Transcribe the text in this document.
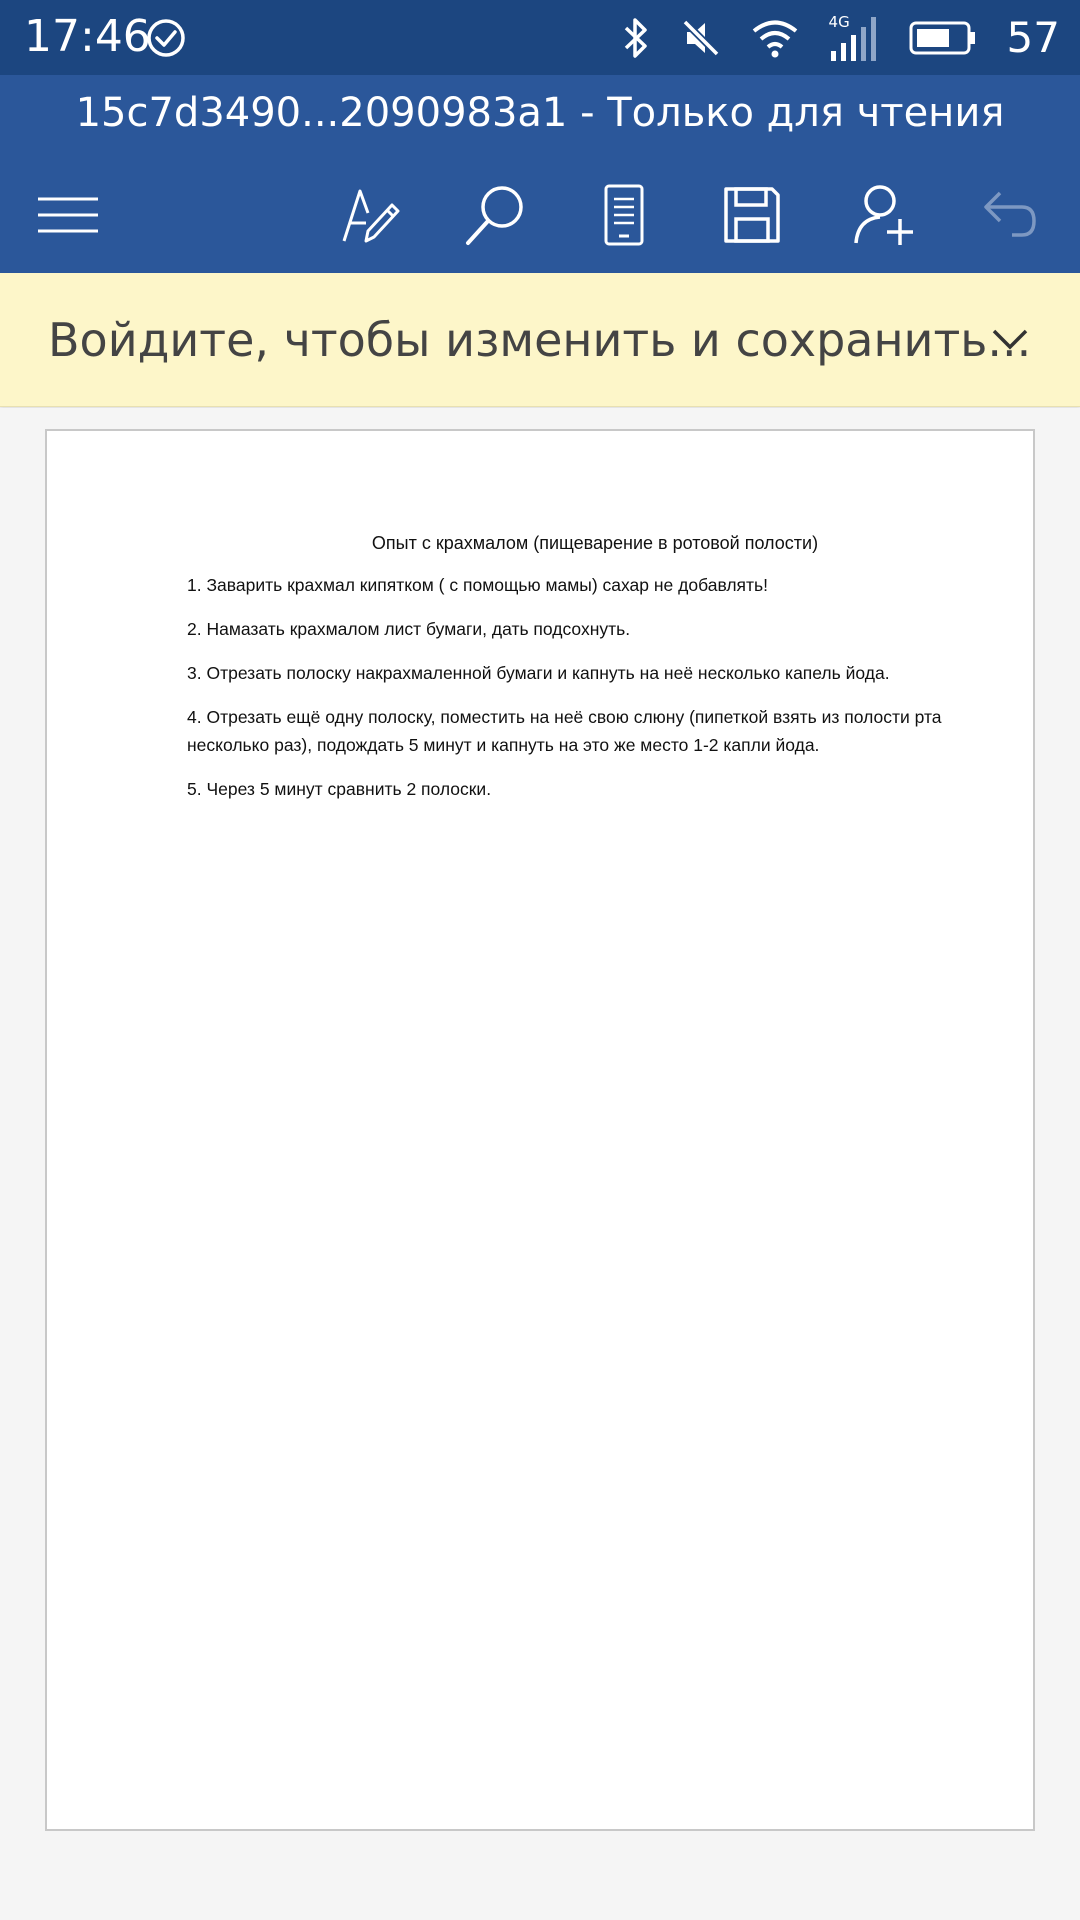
17:46	4G	57
15c7d3490...2090983a1 - Только для чтения
Войдите, чтобы изменить и сохранить...
Опыт с крахмалом (пищеварение в ротовой полости)
1. Заварить крахмал кипятком ( с помощью мамы) сахар не добавлять!
2. Намазать крахмалом лист бумаги, дать подсохнуть.
3. Отрезать полоску накрахмаленной бумаги и капнуть на неё несколько капель йода.
4. Отрезать ещё одну полоску, поместить на неё свою слюну (пипеткой взять из полости рта несколько раз), подождать 5 минут и капнуть на это же место 1-2 капли йода.
5. Через 5 минут сравнить 2 полоски.
